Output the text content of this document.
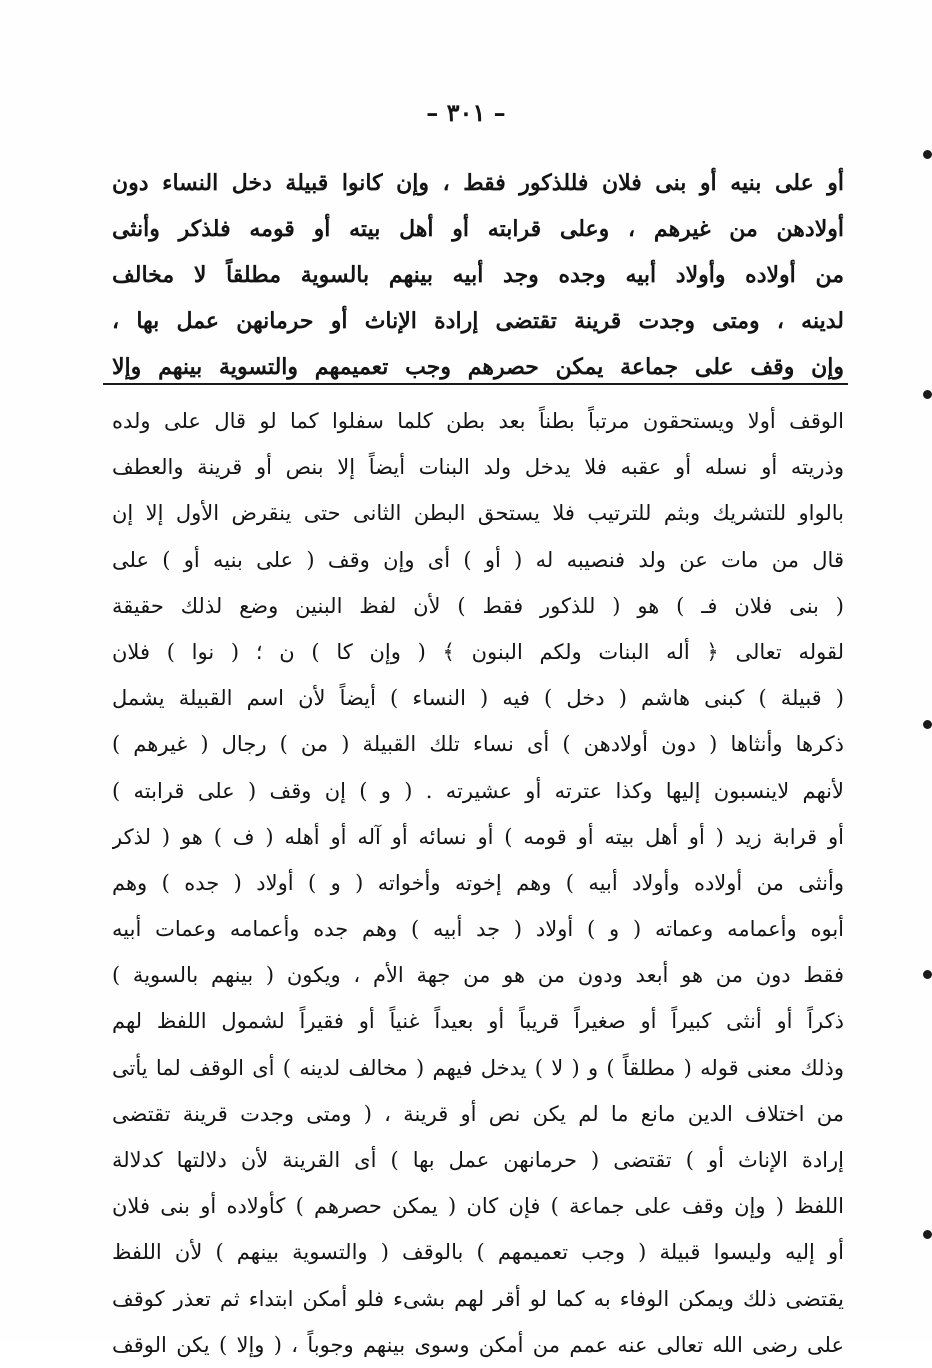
– ٣٠١ –
أو على بنيه أو بنى فلان فللذكور فقط ، وإن كانوا قبيلة دخل النساء دون
أولادهن من غيرهم ، وعلى قرابته أو أهل بيته أو قومه فلذكر وأنثى
من أولاده وأولاد أبيه وجده وجد أبيه بينهم بالسوية مطلقاً لا مخالف
لدينه ، ومتى وجدت قرينة تقتضى إرادة الإناث أو حرمانهن عمل بها ،
وإن وقف على جماعة يمكن حصرهم وجب تعميمهم والتسوية بينهم وإلا
الوقف أولا ويستحقون مرتباً بطناً بعد بطن كلما سفلوا كما لو قال على ولده
وذريته أو نسله أو عقبه فلا يدخل ولد البنات أيضاً إلا بنص أو قرينة والعطف
بالواو للتشريك وبثم للترتيب فلا يستحق البطن الثانى حتى ينقرض الأول إلا إن
قال من مات عن ولد فنصيبه له ( أو ) أى وإن وقف ( على بنيه أو ) على
( بنى فلان فـ ) هو ( للذكور فقط ) لأن لفظ البنين وضع لذلك حقيقة
لقوله تعالى ﴿ أله البنات ولكم البنون ﴾ ( وإن كا ) ن ؛ ( نوا ) فلان
( قبيلة ) كبنى هاشم ( دخل ) فيه ( النساء ) أيضاً لأن اسم القبيلة يشمل
ذكرها وأنثاها ( دون أولادهن ) أى نساء تلك القبيلة ( من ) رجال ( غيرهم )
لأنهم لاينسبون إليها وكذا عترته أو عشيرته . ( و ) إن وقف ( على قرابته )
أو قرابة زيد ( أو أهل بيته أو قومه ) أو نسائه أو آله أو أهله ( ف ) هو ( لذكر
وأنثى من أولاده وأولاد أبيه ) وهم إخوته وأخواته ( و ) أولاد ( جده ) وهم
أبوه وأعمامه وعماته ( و ) أولاد ( جد أبيه ) وهم جده وأعمامه وعمات أبيه
فقط دون من هو أبعد ودون من هو من جهة الأم ، ويكون ( بينهم بالسوية )
ذكراً أو أنثى كبيراً أو صغيراً قريباً أو بعيداً غنياً أو فقيراً لشمول اللفظ لهم
وذلك معنى قوله ( مطلقاً ) و ( لا ) يدخل فيهم ( مخالف لدينه ) أى الوقف لما يأتى
من اختلاف الدين مانع ما لم يكن نص أو قرينة ، ( ومتى وجدت قرينة تقتضى
إرادة الإناث أو ) تقتضى ( حرمانهن عمل بها ) أى القرينة لأن دلالتها كدلالة
اللفظ ( وإن وقف على جماعة ) فإن كان ( يمكن حصرهم ) كأولاده أو بنى فلان
أو إليه وليسوا قبيلة ( وجب تعميمهم ) بالوقف ( والتسوية بينهم ) لأن اللفظ
يقتضى ذلك ويمكن الوفاء به كما لو أقر لهم بشىء فلو أمكن ابتداء ثم تعذر كوقف
على رضى الله تعالى عنه عمم من أمكن وسوى بينهم وجوباً ، ( وإلا ) يكن الوقف
